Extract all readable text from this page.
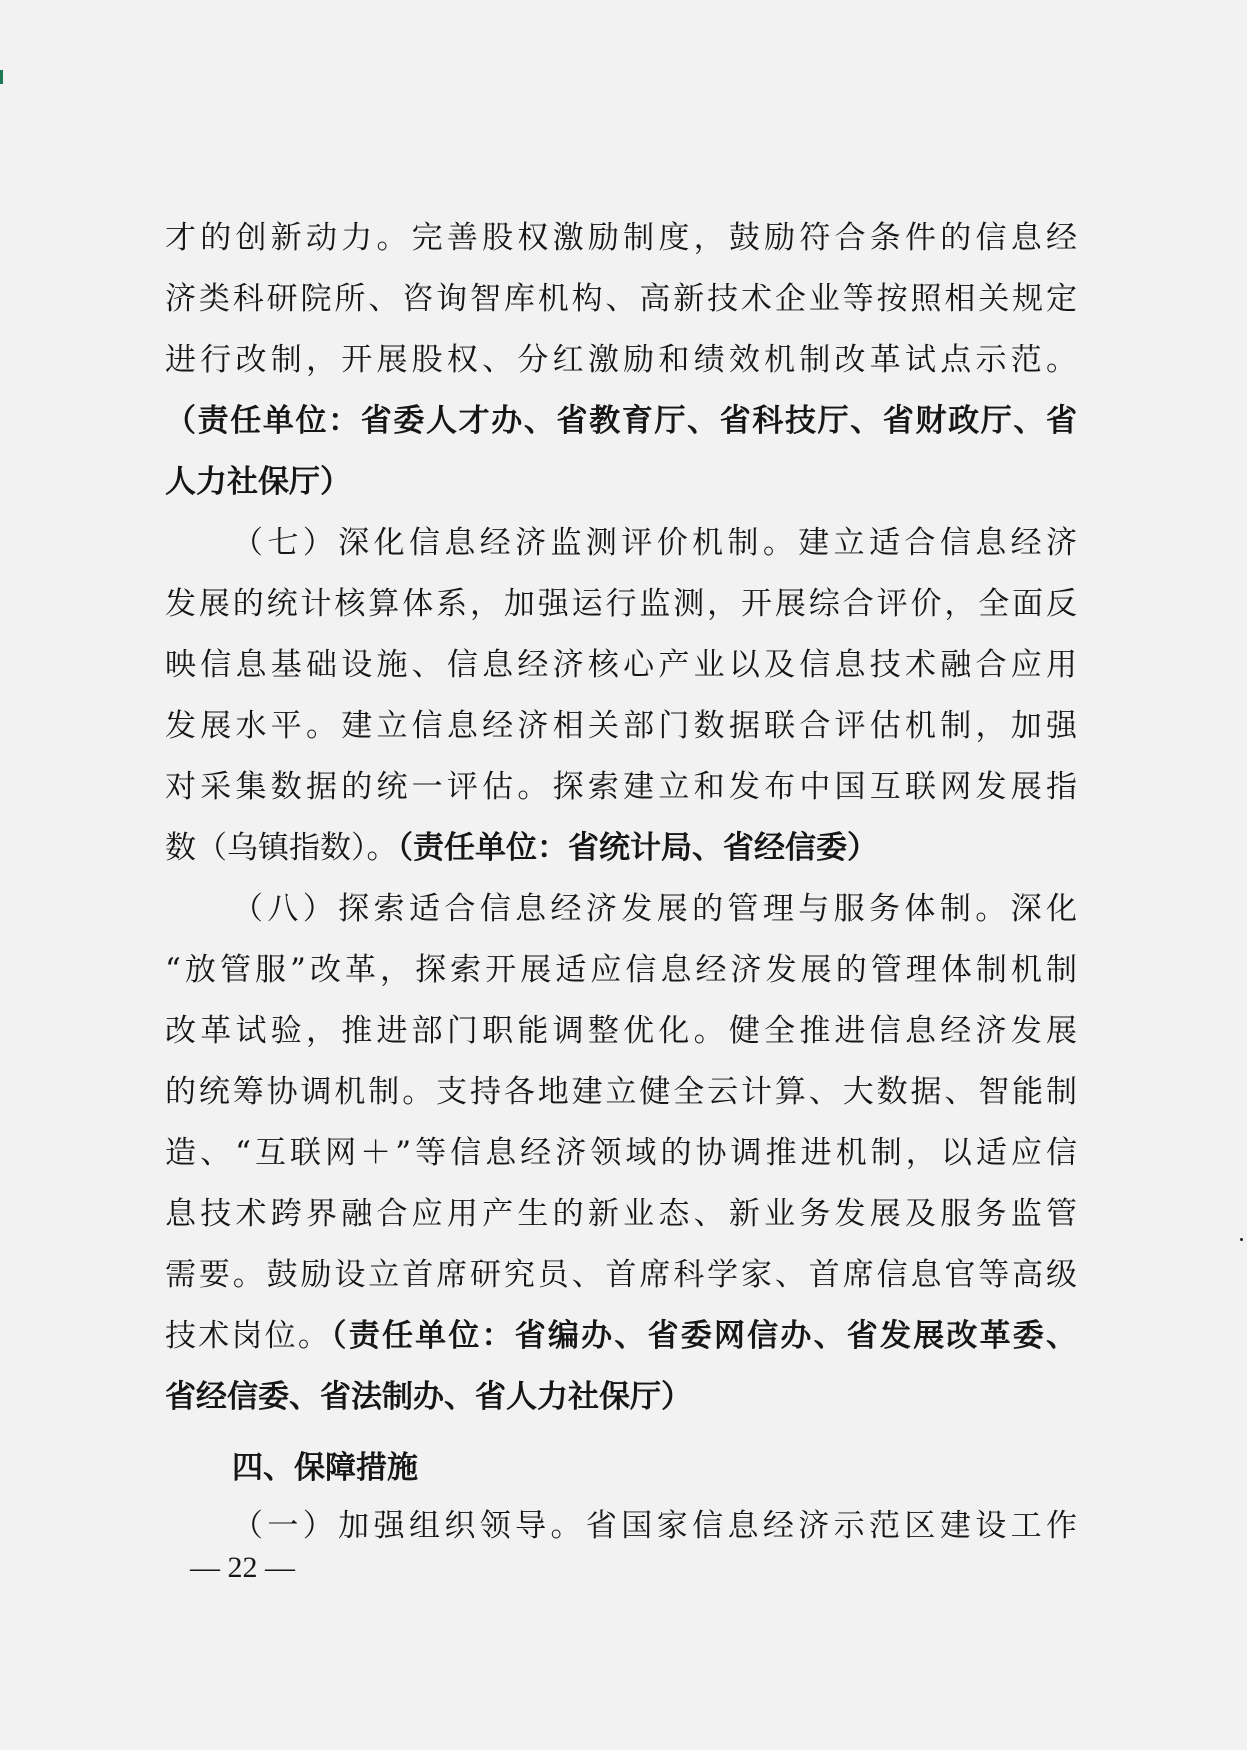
才的创新动力。完善股权激励制度，鼓励符合条件的信息经
济类科研院所、咨询智库机构、高新技术企业等按照相关规定
进行改制，开展股权、分红激励和绩效机制改革试点示范。
（责任单位：省委人才办、省教育厅、省科技厅、省财政厅、省
人力社保厅）
（七）深化信息经济监测评价机制。建立适合信息经济
发展的统计核算体系，加强运行监测，开展综合评价，全面反
映信息基础设施、信息经济核心产业以及信息技术融合应用
发展水平。建立信息经济相关部门数据联合评估机制，加强
对采集数据的统一评估。探索建立和发布中国互联网发展指
数（乌镇指数）。（责任单位：省统计局、省经信委）
（八）探索适合信息经济发展的管理与服务体制。深化
“放管服”改革，探索开展适应信息经济发展的管理体制机制
改革试验，推进部门职能调整优化。健全推进信息经济发展
的统筹协调机制。支持各地建立健全云计算、大数据、智能制
造、“互联网＋”等信息经济领域的协调推进机制，以适应信
息技术跨界融合应用产生的新业态、新业务发展及服务监管
需要。鼓励设立首席研究员、首席科学家、首席信息官等高级
技术岗位。（责任单位：省编办、省委网信办、省发展改革委、
省经信委、省法制办、省人力社保厅）
四、保障措施
（一）加强组织领导。省国家信息经济示范区建设工作
— 22 —
